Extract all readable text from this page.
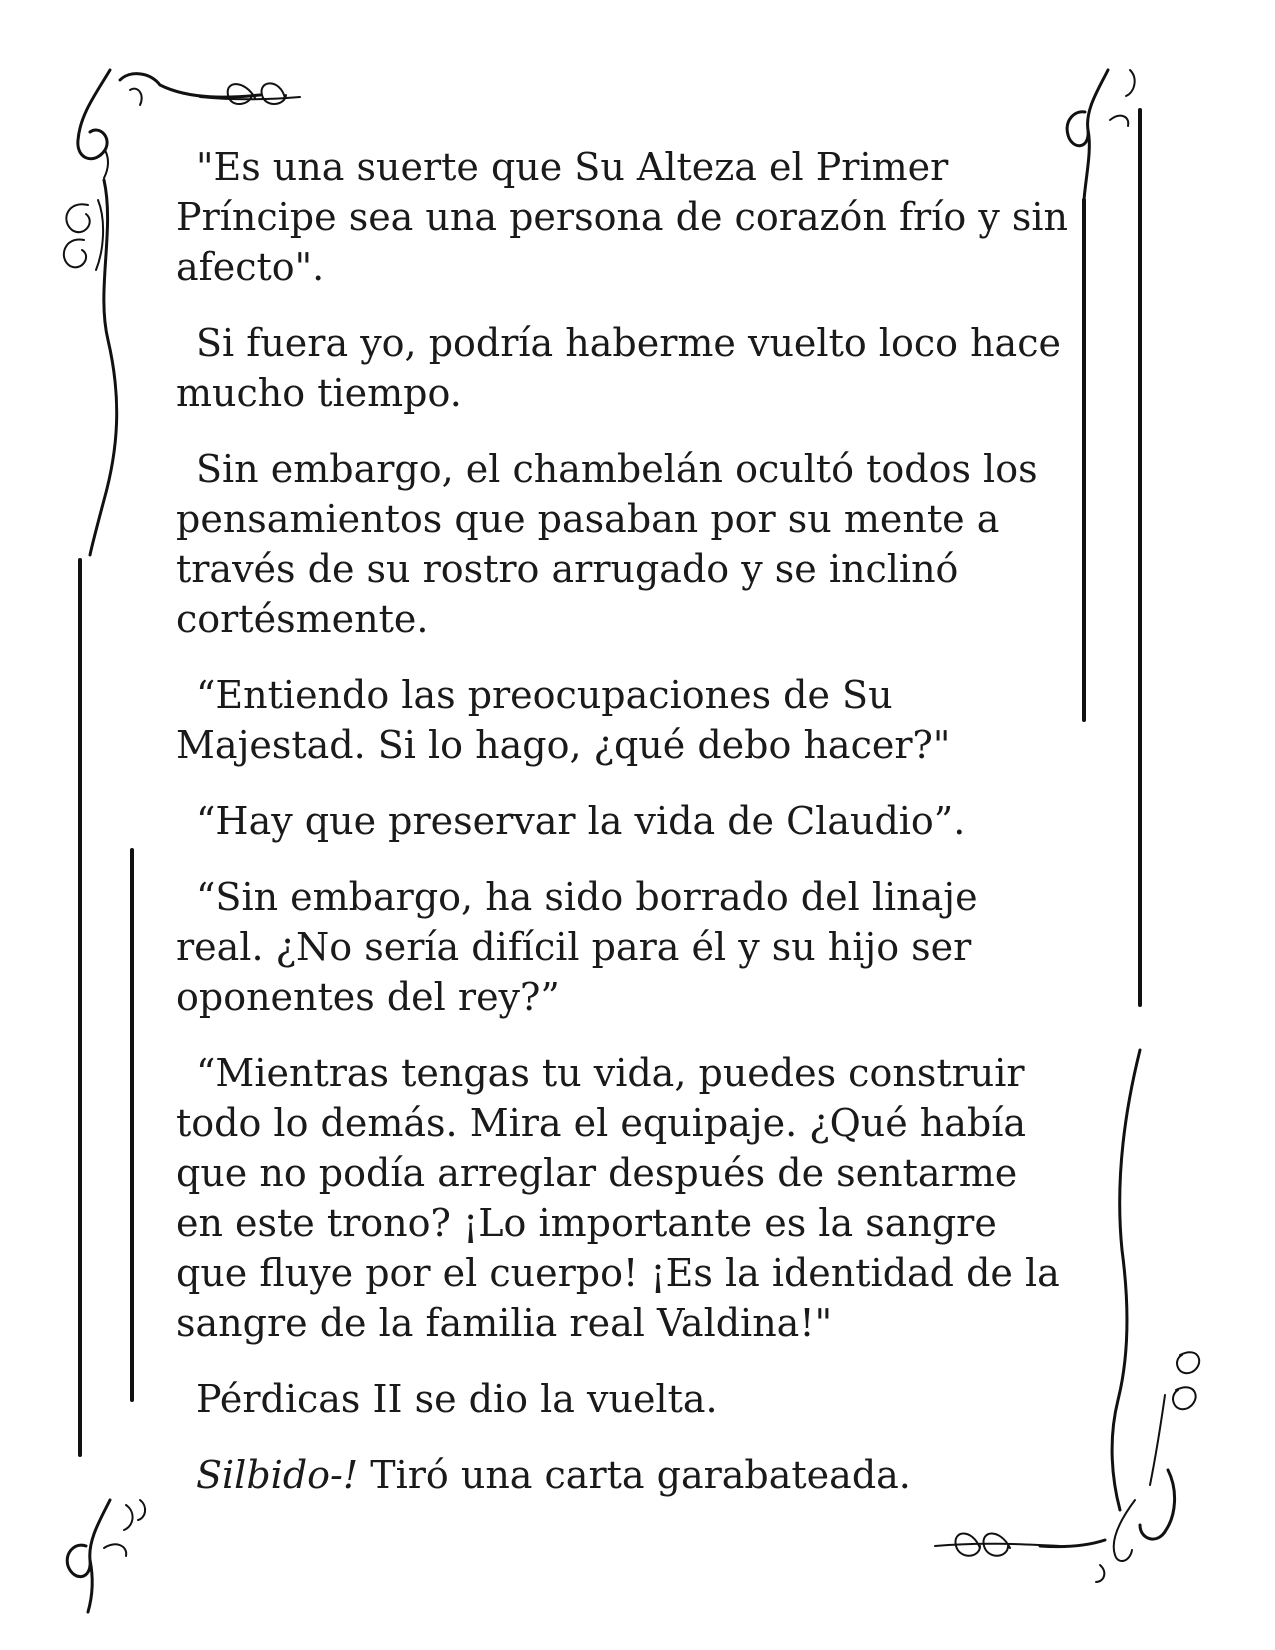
"Es una suerte que Su Alteza el Primer Príncipe sea una persona de corazón frío y sin afecto".

Si fuera yo, podría haberme vuelto loco hace mucho tiempo.

Sin embargo, el chambelán ocultó todos los pensamientos que pasaban por su mente a través de su rostro arrugado y se inclinó cortésmente.

“Entiendo las preocupaciones de Su Majestad. Si lo hago, ¿qué debo hacer?"

“Hay que preservar la vida de Claudio”.

“Sin embargo, ha sido borrado del linaje real. ¿No sería difícil para él y su hijo ser oponentes del rey?”

“Mientras tengas tu vida, puedes construir todo lo demás. Mira el equipaje. ¿Qué había que no podía arreglar después de sentarme en este trono? ¡Lo importante es la sangre que fluye por el cuerpo! ¡Es la identidad de la sangre de la familia real Valdina!"

Pérdicas II se dio la vuelta.

Silbido-! Tiró una carta garabateada.
